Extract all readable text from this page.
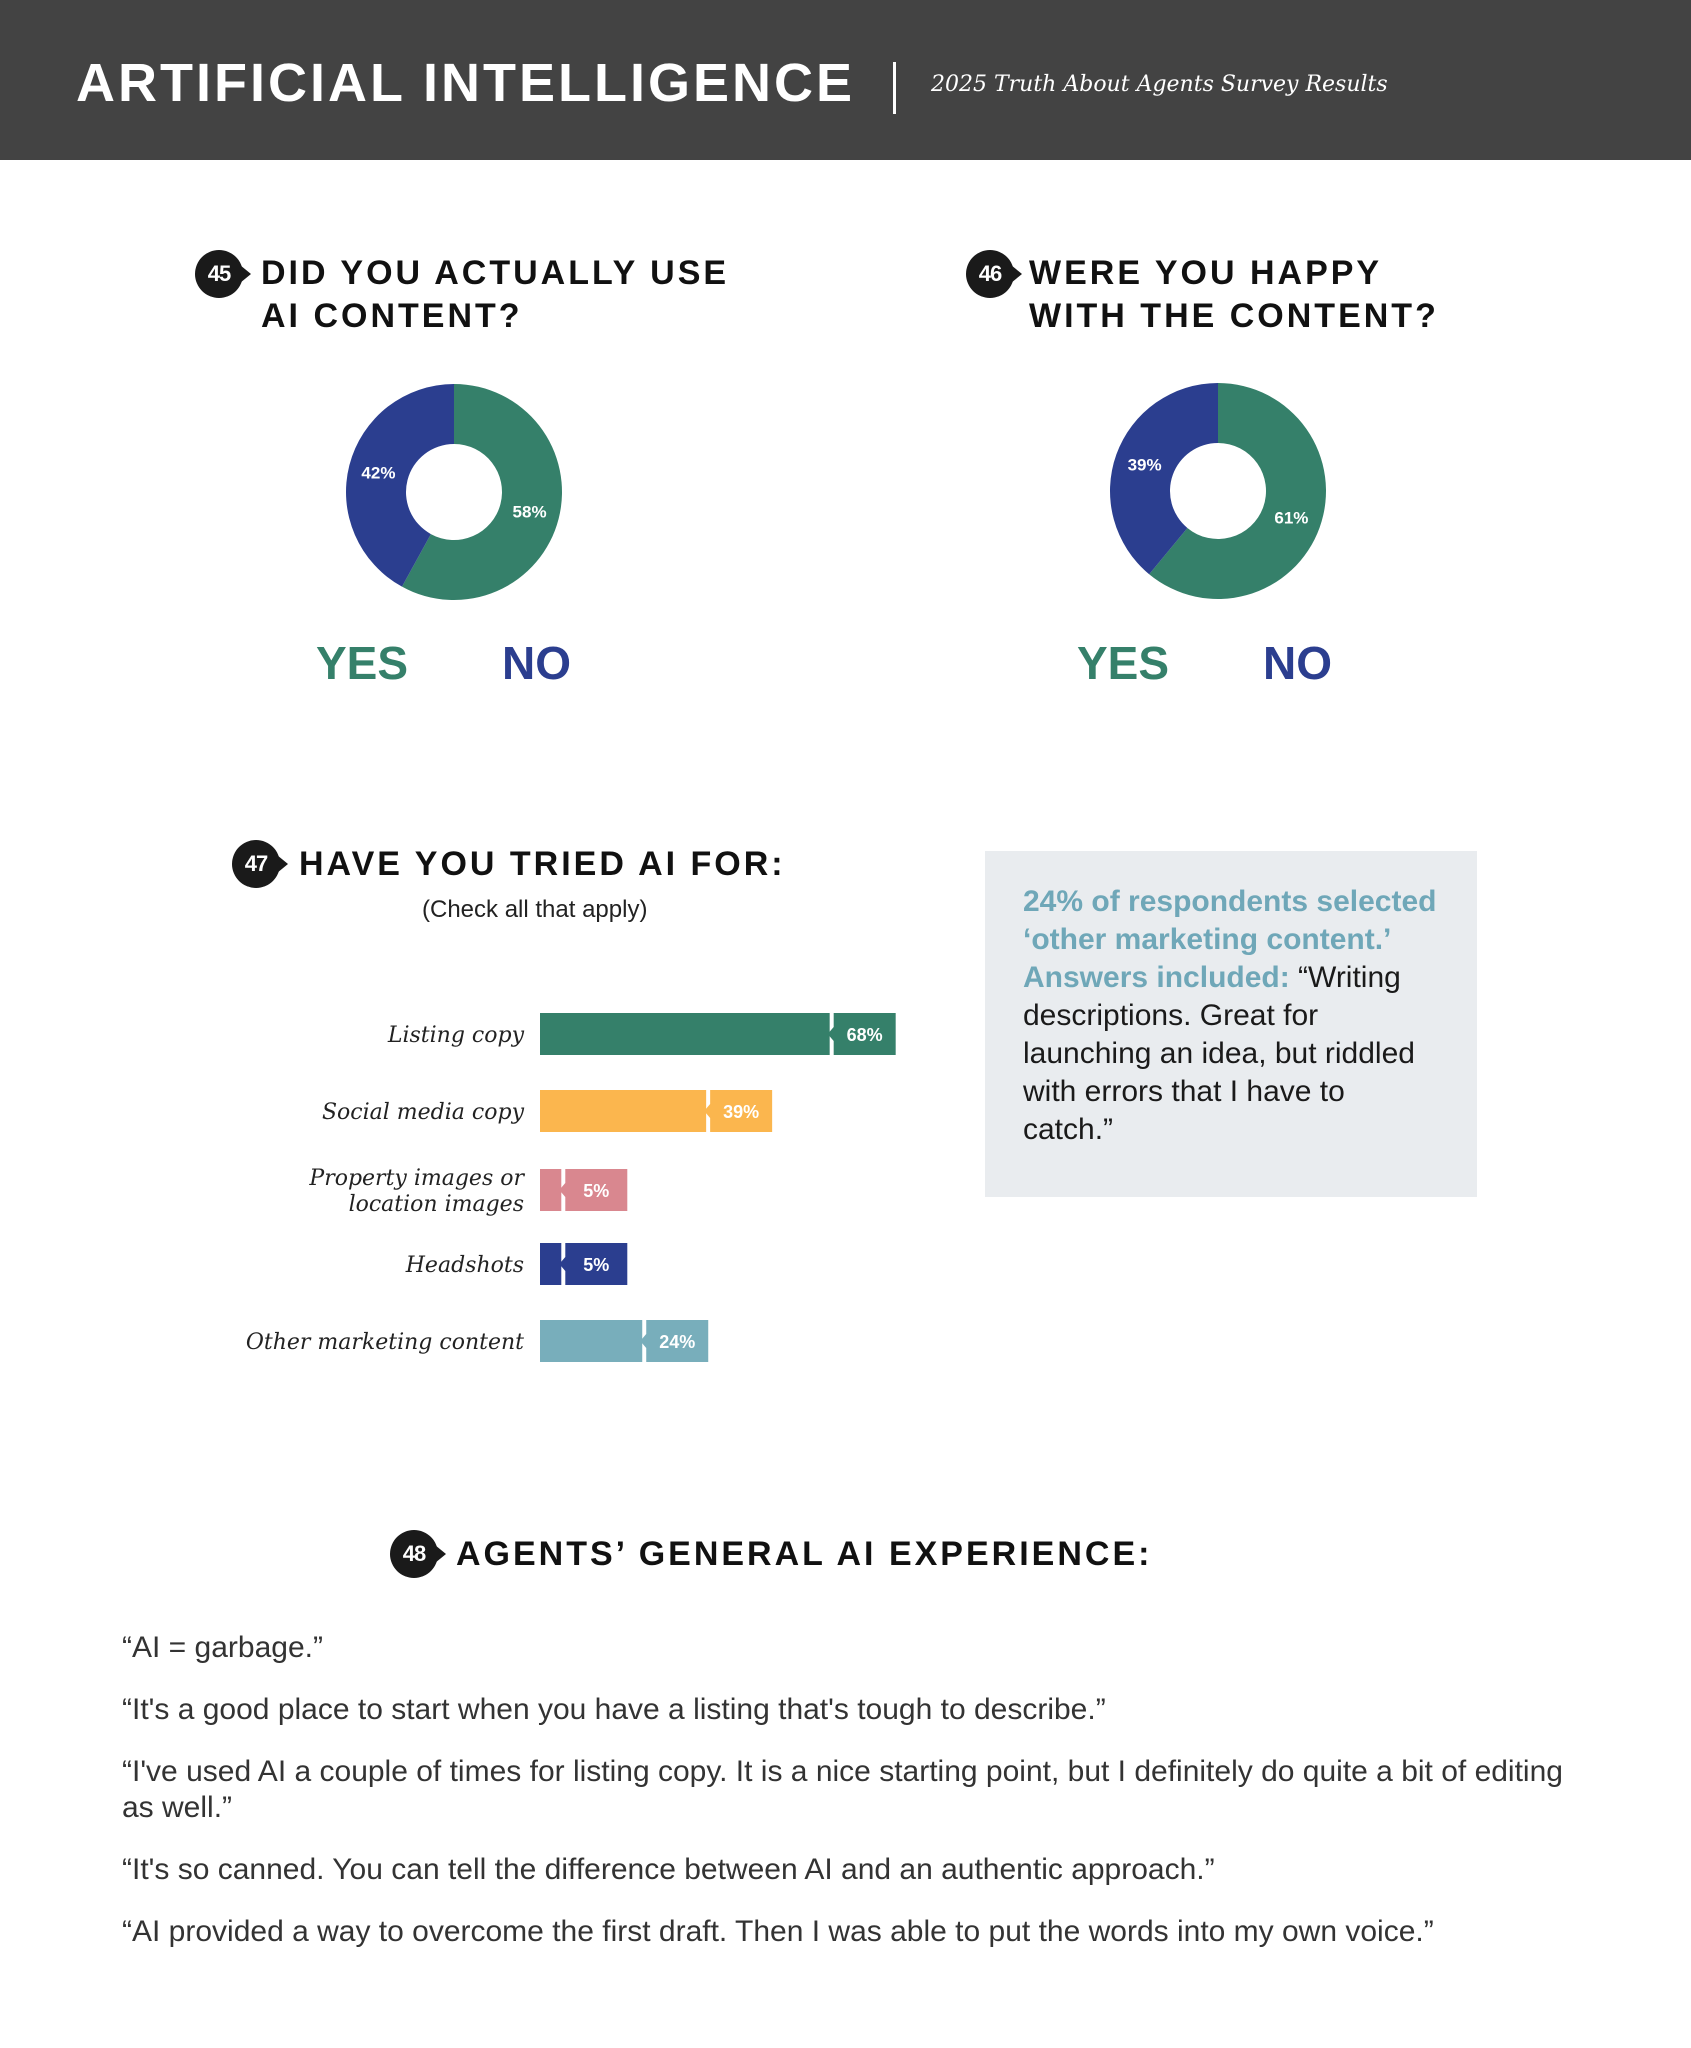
ARTIFICIAL INTELLIGENCE	2025 Truth About Agents Survey Results
45 DID YOU ACTUALLY USE
AI CONTENT?
58%
42%
YES NO
46 WERE YOU HAPPY
WITH THE CONTENT?
61%
39%
YES NO
47 HAVE YOU TRIED AI FOR:
(Check all that apply)
68%
Listing copy
39%
Social media copy
5%
Property images or
location images
5%
Headshots
24%
Other marketing content
24% of respondents selected ‘other marketing content.’ Answers included: “Writing descriptions. Great for launching an idea, but riddled with errors that I have to catch.”
48 AGENTS’ GENERAL AI EXPERIENCE:

“AI = garbage.”

“It's a good place to start when you have a listing that's tough to describe.”

“I've used AI a couple of times for listing copy. It is a nice starting point, but I definitely do quite a bit of editing as well.”

“It's so canned. You can tell the difference between AI and an authentic approach.”

“AI provided a way to overcome the first draft. Then I was able to put the words into my own voice.”
